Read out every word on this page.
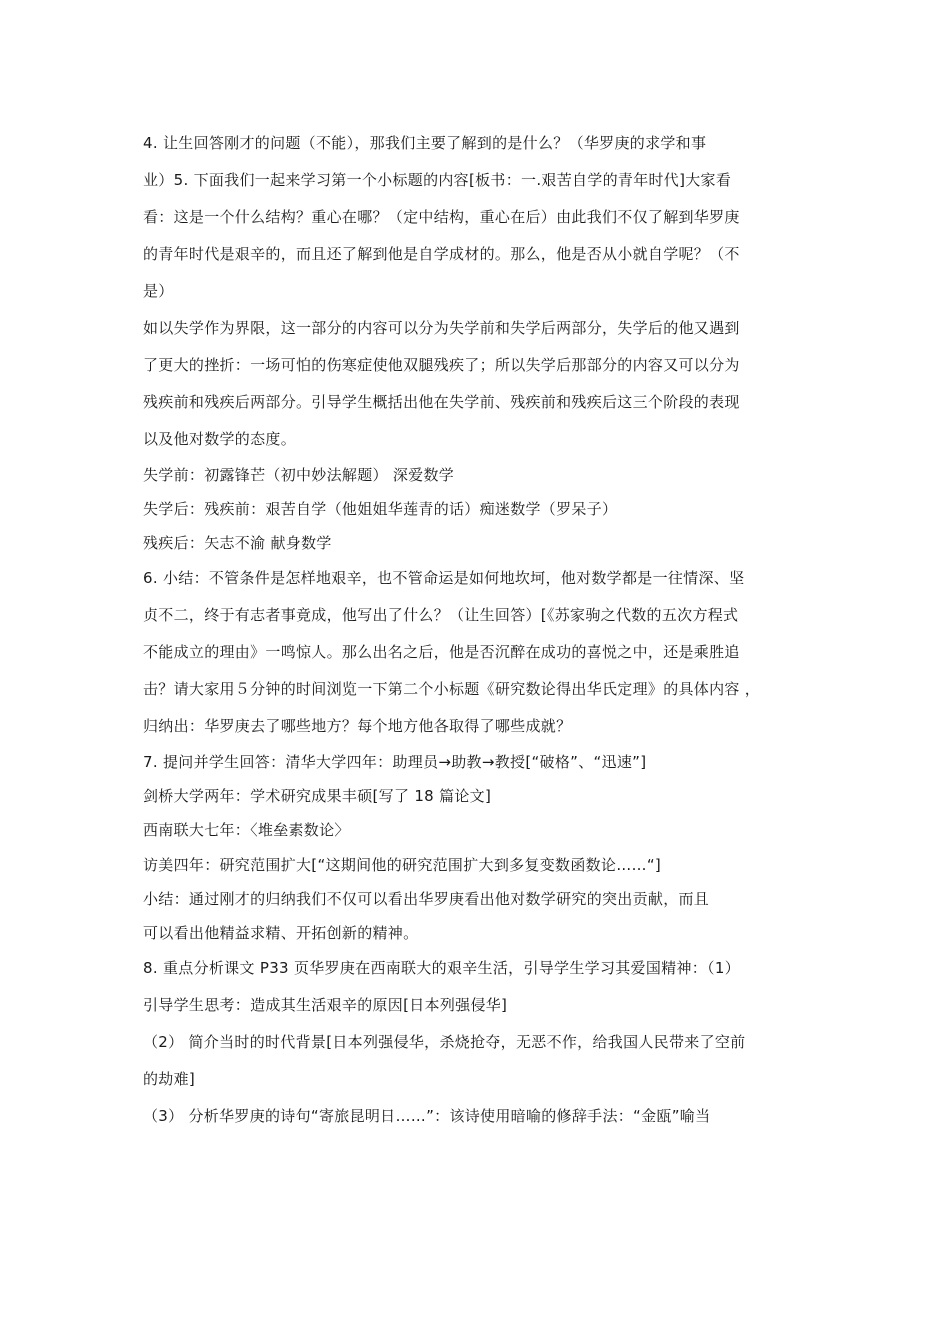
4. 让生回答刚才的问题（不能），那我们主要了解到的是什么？（华罗庚的求学和事
业）5. 下面我们一起来学习第一个小标题的内容[板书：一.艰苦自学的青年时代]大家看
看：这是一个什么结构？重心在哪？（定中结构，重心在后）由此我们不仅了解到华罗庚
的青年时代是艰辛的，而且还了解到他是自学成材的。那么，他是否从小就自学呢？（不
是）
如以失学作为界限，这一部分的内容可以分为失学前和失学后两部分，失学后的他又遇到
了更大的挫折：一场可怕的伤寒症使他双腿残疾了；所以失学后那部分的内容又可以分为
残疾前和残疾后两部分。引导学生概括出他在失学前、残疾前和残疾后这三个阶段的表现
以及他对数学的态度。
失学前：初露锋芒（初中妙法解题） 深爱数学
失学后：残疾前：艰苦自学（他姐姐华莲青的话）痴迷数学（罗呆子）
残疾后：矢志不渝 献身数学
6. 小结：不管条件是怎样地艰辛，也不管命运是如何地坎坷，他对数学都是一往情深、坚
贞不二，终于有志者事竟成，他写出了什么？（让生回答）[《苏家驹之代数的五次方程式
不能成立的理由》一鸣惊人。那么出名之后，他是否沉醉在成功的喜悦之中，还是乘胜追
击？请大家用５分钟的时间浏览一下第二个小标题《研究数论得出华氏定理》的具体内容 ，
归纳出：华罗庚去了哪些地方？每个地方他各取得了哪些成就？
7. 提问并学生回答：清华大学四年：助理员→助教→教授[“破格”、“迅速”]
剑桥大学两年：学术研究成果丰硕[写了 18 篇论文]
西南联大七年：〈堆垒素数论〉
访美四年：研究范围扩大[“这期间他的研究范围扩大到多复变数函数论……“]
小结：通过刚才的归纳我们不仅可以看出华罗庚看出他对数学研究的突出贡献，而且
可以看出他精益求精、开拓创新的精神。
8. 重点分析课文 P33 页华罗庚在西南联大的艰辛生活，引导学生学习其爱国精神：（1）
引导学生思考：造成其生活艰辛的原因[日本列强侵华]
（2） 简介当时的时代背景[日本列强侵华，杀烧抢夺，无恶不作，给我国人民带来了空前
的劫难]
（3） 分析华罗庚的诗句“寄旅昆明日……”：该诗使用暗喻的修辞手法：“金瓯”喻当
